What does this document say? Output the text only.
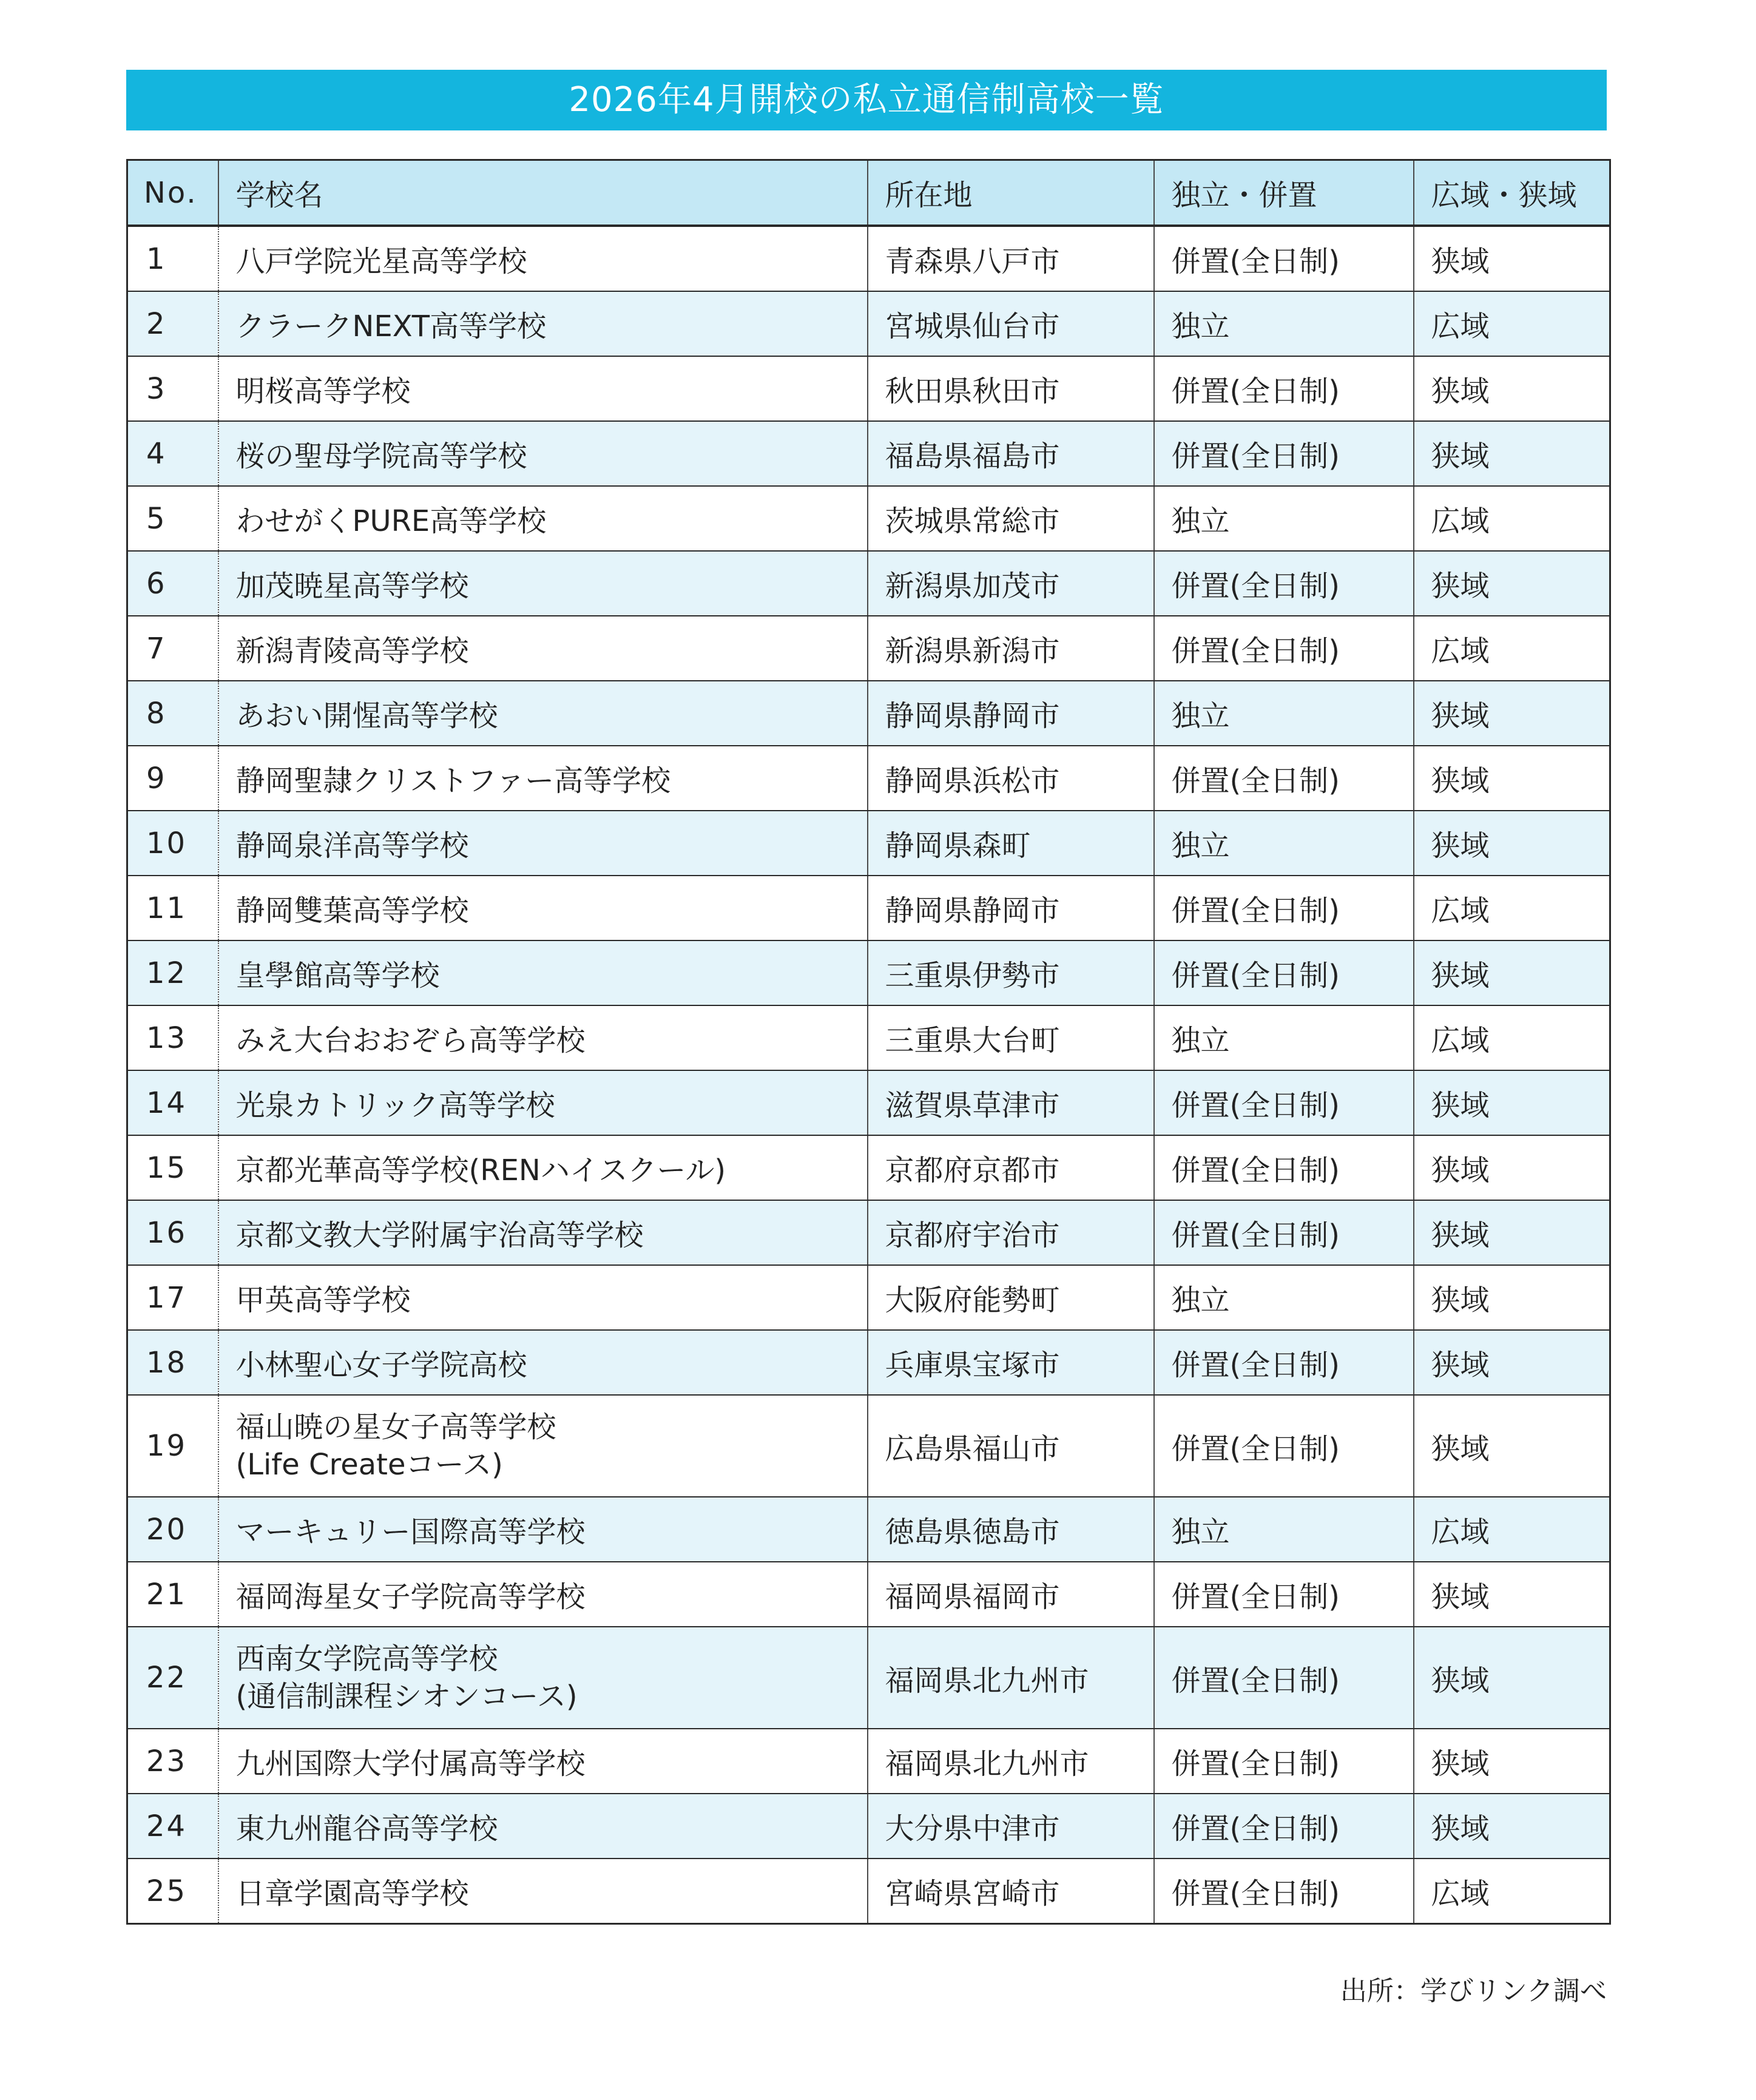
2026年4月開校の私立通信制高校一覧
No.	学校名	所在地	独立・併置	広域・狭域
1	八戸学院光星高等学校	青森県八戸市	併置(全日制)	狭域
2	クラークNEXT高等学校	宮城県仙台市	独立	広域
3	明桜高等学校	秋田県秋田市	併置(全日制)	狭域
4	桜の聖母学院高等学校	福島県福島市	併置(全日制)	狭域
5	わせがくPURE高等学校	茨城県常総市	独立	広域
6	加茂暁星高等学校	新潟県加茂市	併置(全日制)	狭域
7	新潟青陵高等学校	新潟県新潟市	併置(全日制)	広域
8	あおい開惺高等学校	静岡県静岡市	独立	狭域
9	静岡聖隷クリストファー高等学校	静岡県浜松市	併置(全日制)	狭域
10	静岡泉洋高等学校	静岡県森町	独立	狭域
11	静岡雙葉高等学校	静岡県静岡市	併置(全日制)	広域
12	皇學館高等学校	三重県伊勢市	併置(全日制)	狭域
13	みえ大台おおぞら高等学校	三重県大台町	独立	広域
14	光泉カトリック高等学校	滋賀県草津市	併置(全日制)	狭域
15	京都光華高等学校(RENハイスクール)	京都府京都市	併置(全日制)	狭域
16	京都文教大学附属宇治高等学校	京都府宇治市	併置(全日制)	狭域
17	甲英高等学校	大阪府能勢町	独立	狭域
18	小林聖心女子学院高校	兵庫県宝塚市	併置(全日制)	狭域
19	福山暁の星女子高等学校
(Life Createコース)	広島県福山市	併置(全日制)	狭域
20	マーキュリー国際高等学校	徳島県徳島市	独立	広域
21	福岡海星女子学院高等学校	福岡県福岡市	併置(全日制)	狭域
22	西南女学院高等学校
(通信制課程シオンコース)	福岡県北九州市	併置(全日制)	狭域
23	九州国際大学付属高等学校	福岡県北九州市	併置(全日制)	狭域
24	東九州龍谷高等学校	大分県中津市	併置(全日制)	狭域
25	日章学園高等学校	宮崎県宮崎市	併置(全日制)	広域
出所：学びリンク調べ
